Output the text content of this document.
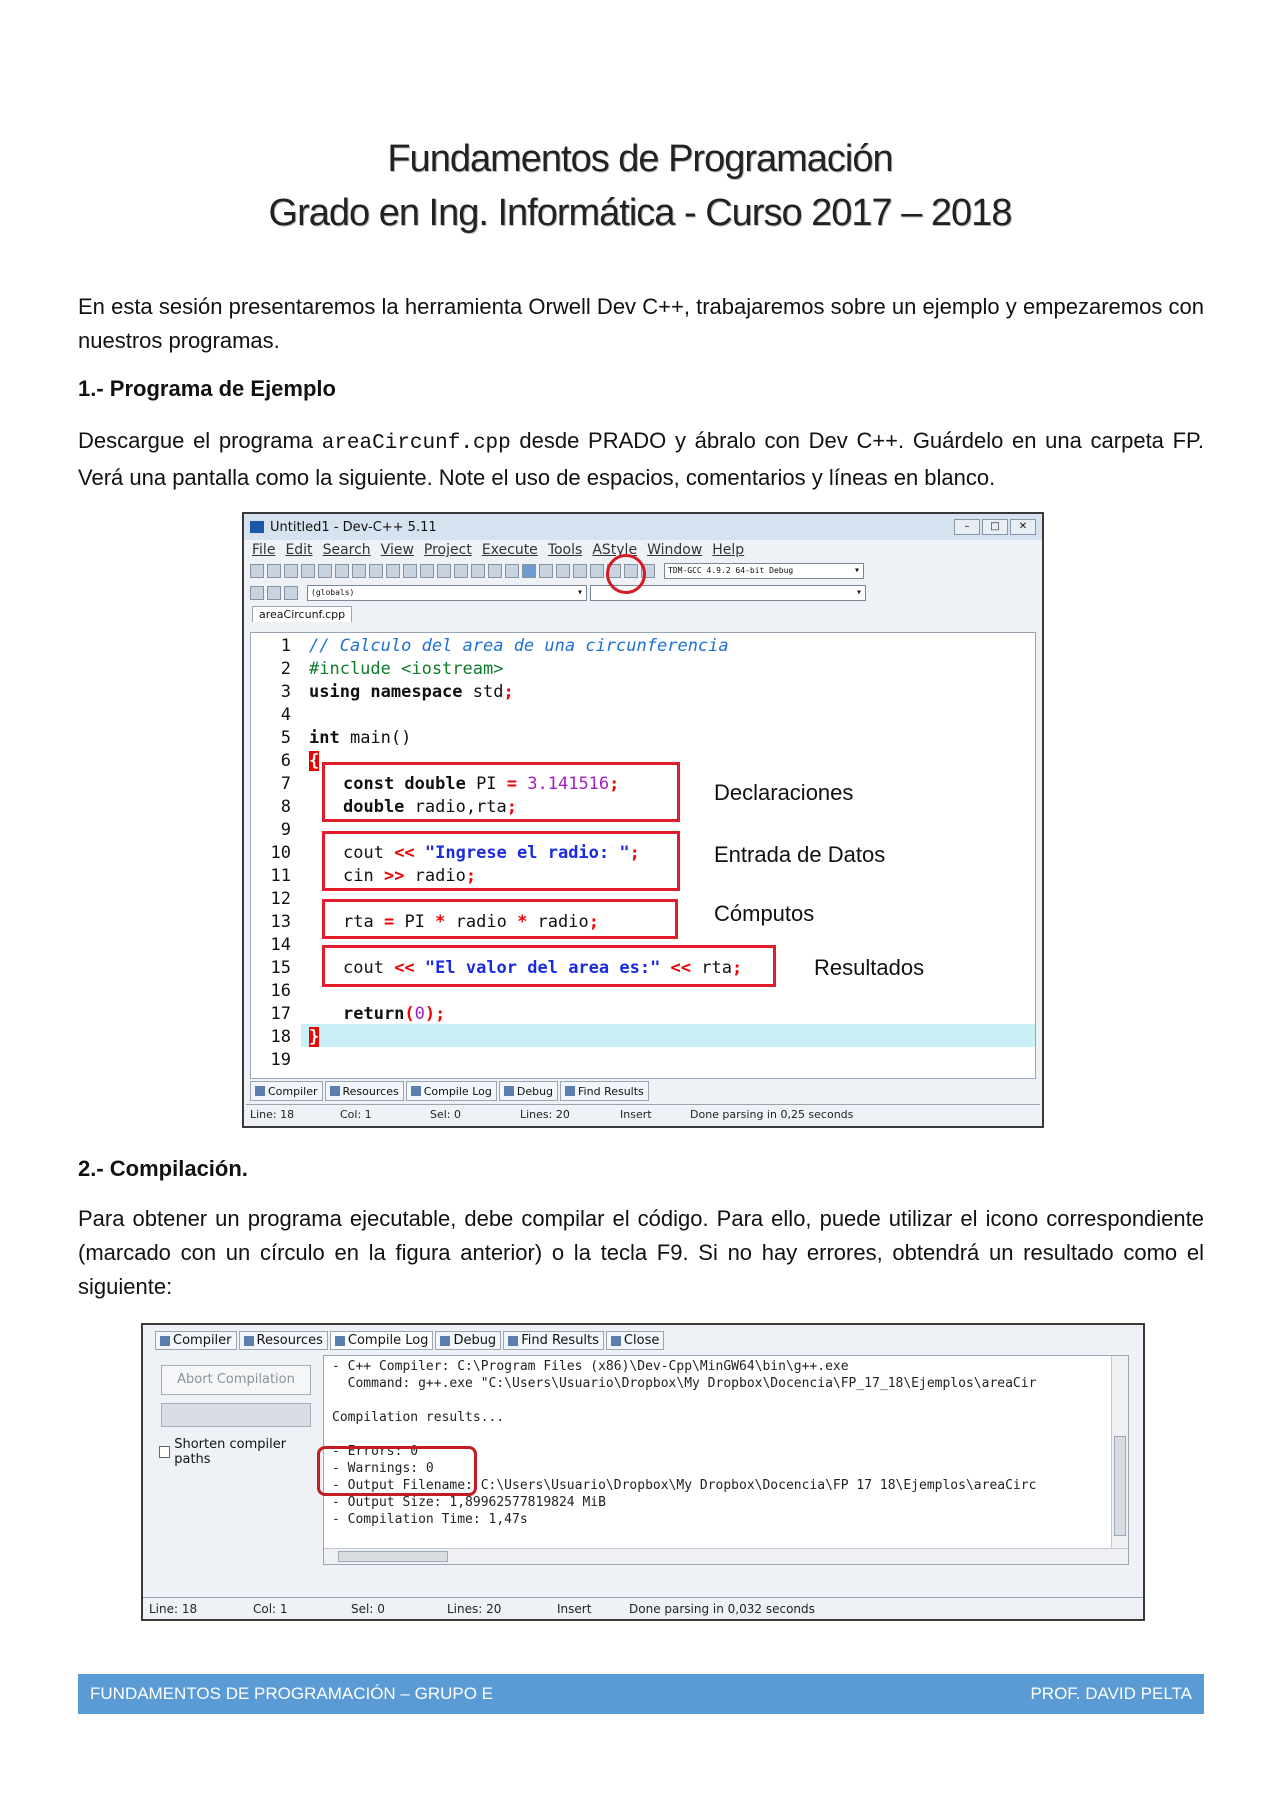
Fundamentos de Programación
Grado en Ing. Informática - Curso 2017 – 2018
En esta sesión presentaremos la herramienta Orwell Dev C++, trabajaremos sobre un ejemplo y empezaremos con nuestros programas.
1.- Programa de Ejemplo
Descargue el programa areaCircunf.cpp desde PRADO y ábralo con Dev C++. Guárdelo en una carpeta FP. Verá una pantalla como la siguiente. Note el uso de espacios, comentarios y líneas en blanco.
Untitled1 - Dev-C++ 5.11	–	□	✕
File Edit Search View Project Execute Tools AStyle Window Help
TDM-GCC 4.9.2 64-bit Debug ▾
(globals) ▾
▾
areaCircunf.cpp
1
2
3
4
5
6
7
8
9
10
11
12
13
14
15
16
17
18
19
// Calculo del area de una circunferencia
#include <iostream>
using namespace std;
int main()
{
const double PI = 3.141516;
double radio,rta;
cout << "Ingrese el radio: ";
cin >> radio;
rta = PI * radio * radio;
cout << "El valor del area es:" << rta;
return(0);
}
Compiler Resources Compile Log Debug Find Results
Line: 18	Col: 1	Sel: 0	Lines: 20	Insert	Done parsing in 0,25 seconds
Declaraciones
Entrada de Datos
Cómputos
Resultados
2.- Compilación.
Para obtener un programa ejecutable, debe compilar el código. Para ello, puede utilizar el icono correspondiente (marcado con un círculo en la figura anterior) o la tecla F9. Si no hay errores, obtendrá un resultado como el siguiente:
Compiler Resources Compile Log Debug Find Results Close
Abort Compilation
Shorten compiler paths
- C++ Compiler: C:\Program Files (x86)\Dev-Cpp\MinGW64\bin\g++.exe
Command: g++.exe "C:\Users\Usuario\Dropbox\My Dropbox\Docencia\FP_17_18\Ejemplos\areaCir
Compilation results...
- Errors: 0
- Warnings: 0
- Output Filename: C:\Users\Usuario\Dropbox\My Dropbox\Docencia\FP 17 18\Ejemplos\areaCirc
- Output Size: 1,89962577819824 MiB
- Compilation Time: 1,47s
Line: 18	Col: 1	Sel: 0	Lines: 20	Insert	Done parsing in 0,032 seconds
FUNDAMENTOS DE PROGRAMACIÓN – GRUPO E	PROF. DAVID PELTA
